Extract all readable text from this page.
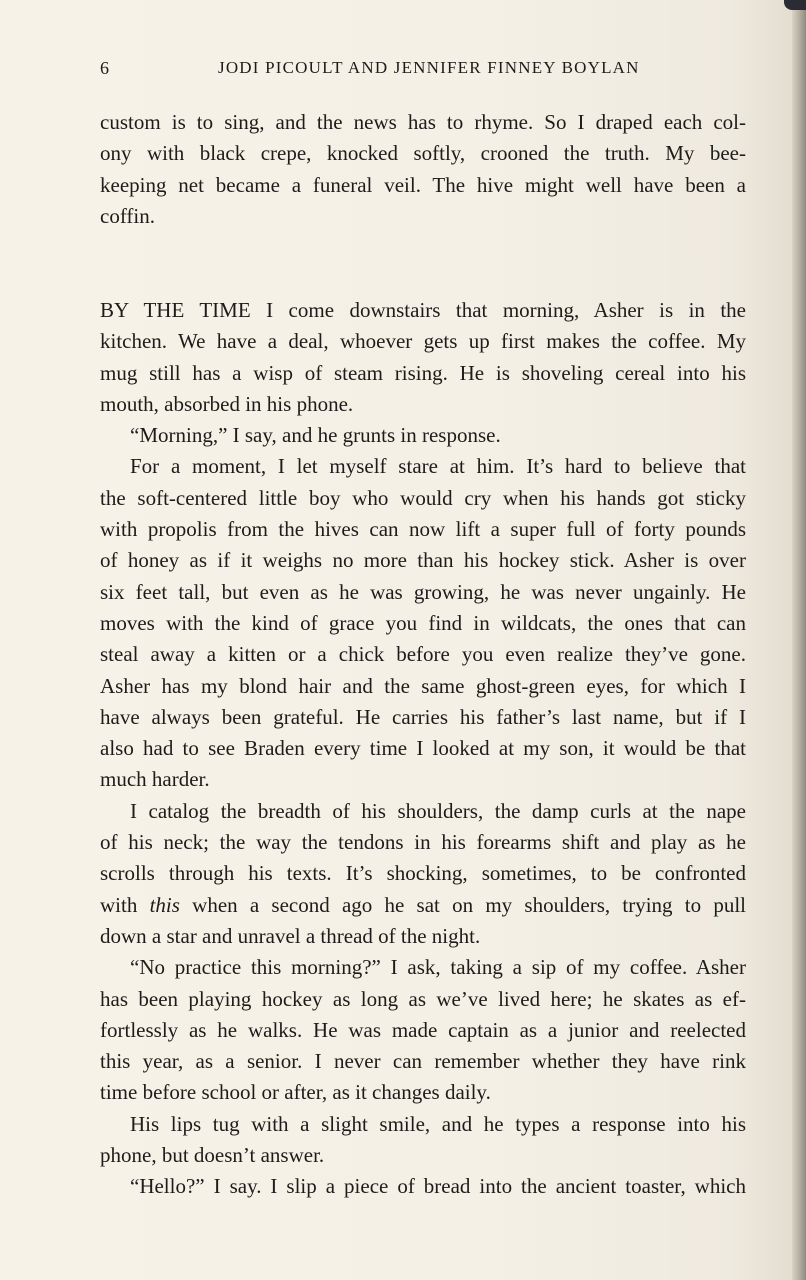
6	JODI PICOULT AND JENNIFER FINNEY BOYLAN
custom is to sing, and the news has to rhyme. So I draped each col-
ony with black crepe, knocked softly, crooned the truth. My bee-
keeping net became a funeral veil. The hive might well have been a
coffin.
BY THE TIME I come downstairs that morning, Asher is in the
kitchen. We have a deal, whoever gets up first makes the coffee. My
mug still has a wisp of steam rising. He is shoveling cereal into his
mouth, absorbed in his phone.
“Morning,” I say, and he grunts in response.
For a moment, I let myself stare at him. It’s hard to believe that
the soft-centered little boy who would cry when his hands got sticky
with propolis from the hives can now lift a super full of forty pounds
of honey as if it weighs no more than his hockey stick. Asher is over
six feet tall, but even as he was growing, he was never ungainly. He
moves with the kind of grace you find in wildcats, the ones that can
steal away a kitten or a chick before you even realize they’ve gone.
Asher has my blond hair and the same ghost-green eyes, for which I
have always been grateful. He carries his father’s last name, but if I
also had to see Braden every time I looked at my son, it would be that
much harder.
I catalog the breadth of his shoulders, the damp curls at the nape
of his neck; the way the tendons in his forearms shift and play as he
scrolls through his texts. It’s shocking, sometimes, to be confronted
with this when a second ago he sat on my shoulders, trying to pull
down a star and unravel a thread of the night.
“No practice this morning?” I ask, taking a sip of my coffee. Asher
has been playing hockey as long as we’ve lived here; he skates as ef-
fortlessly as he walks. He was made captain as a junior and reelected
this year, as a senior. I never can remember whether they have rink
time before school or after, as it changes daily.
His lips tug with a slight smile, and he types a response into his
phone, but doesn’t answer.
“Hello?” I say. I slip a piece of bread into the ancient toaster, which
